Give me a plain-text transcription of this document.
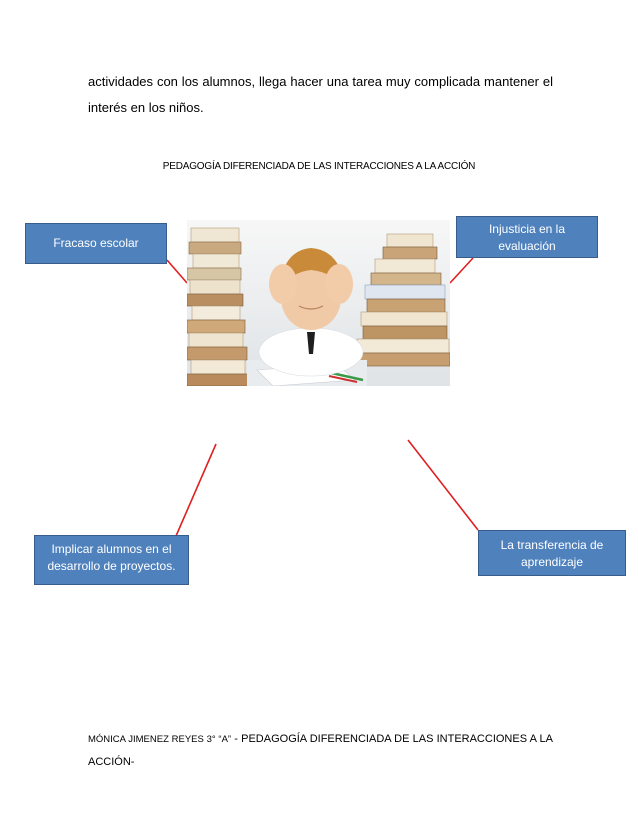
actividades con los alumnos, llega hacer una tarea muy complicada mantener el
interés en los niños.
PEDAGOGÍA DIFERENCIADA DE LAS INTERACCIONES A LA ACCIÓN
Fracaso escolar
Injusticia en la evaluación
Implicar alumnos en el desarrollo de proyectos.
La transferencia de aprendizaje
MÓNICA JIMENEZ REYES 3° “A” - PEDAGOGÍA DIFERENCIADA DE LAS INTERACCIONES A LA
ACCIÓN-
